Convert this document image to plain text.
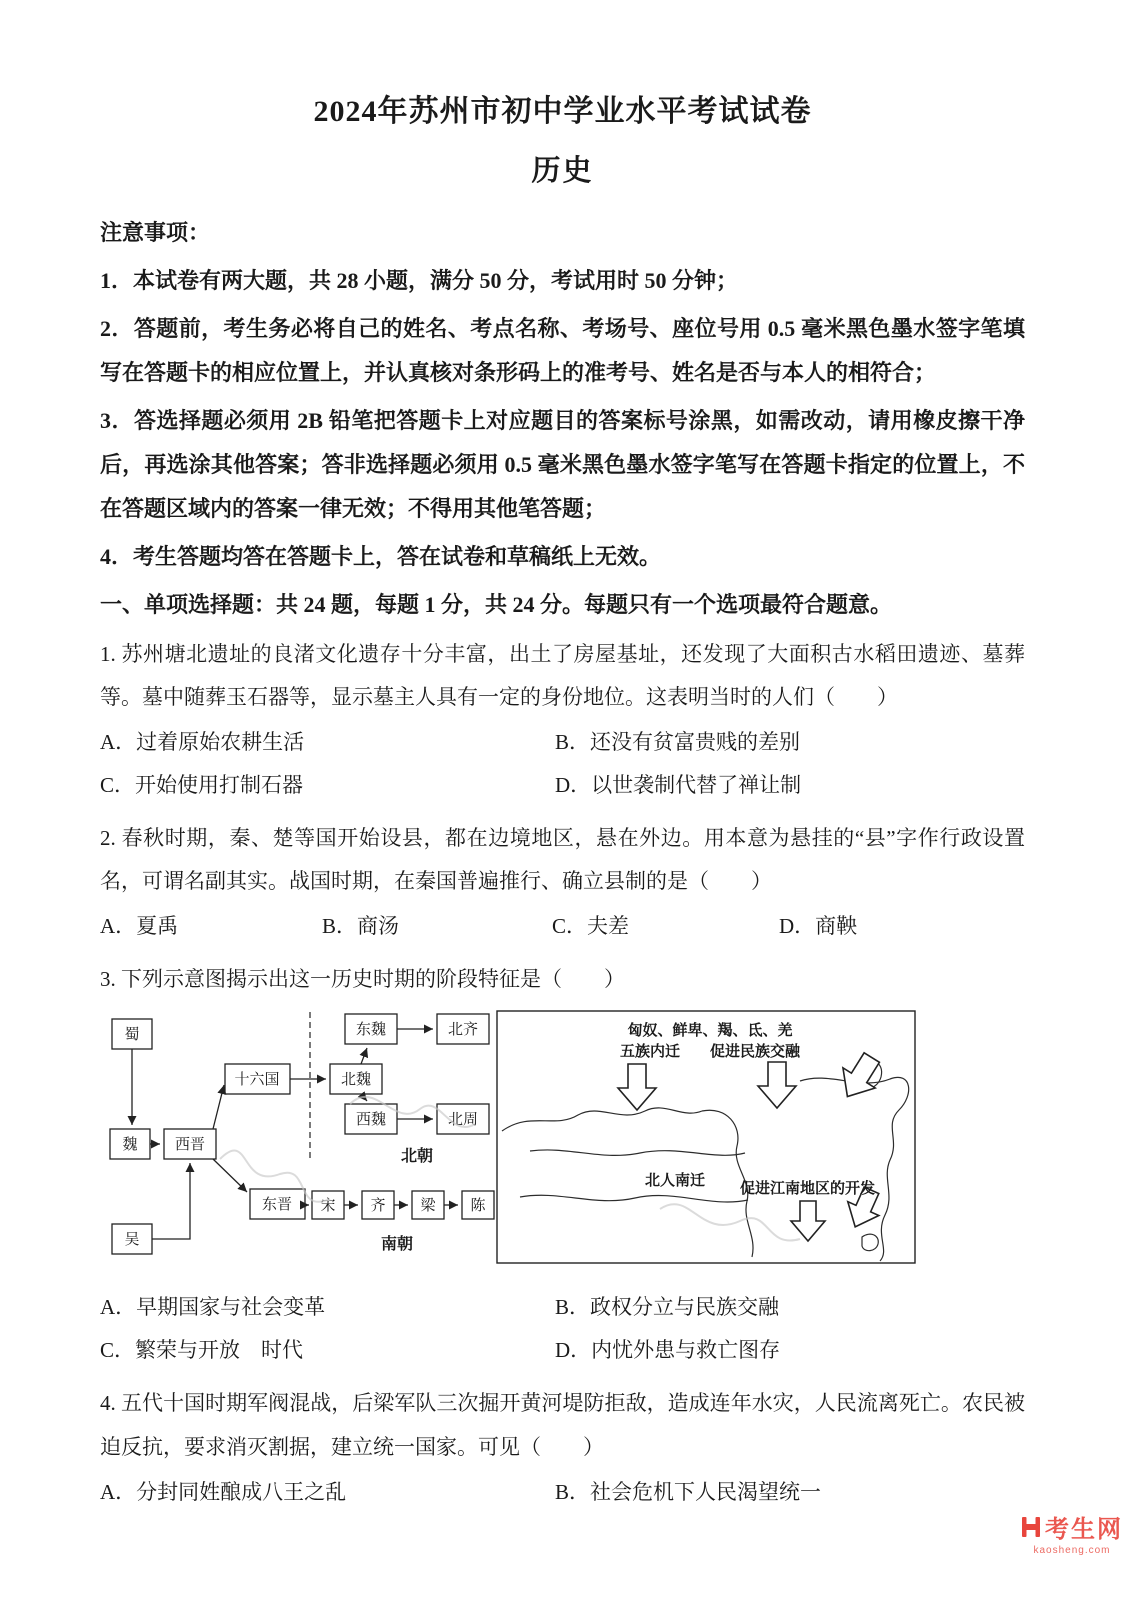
2024年苏州市初中学业水平考试试卷
历史

注意事项：

1．本试卷有两大题，共 28 小题，满分 50 分，考试用时 50 分钟；

2．答题前，考生务必将自己的姓名、考点名称、考场号、座位号用 0.5 毫米黑色墨水签字笔填写在答题卡的相应位置上，并认真核对条形码上的准考号、姓名是否与本人的相符合；

3．答选择题必须用 2B 铅笔把答题卡上对应题目的答案标号涂黑，如需改动，请用橡皮擦干净后，再选涂其他答案；答非选择题必须用 0.5 毫米黑色墨水签字笔写在答题卡指定的位置上，不在答题区域内的答案一律无效；不得用其他笔答题；

4．考生答题均答在答题卡上，答在试卷和草稿纸上无效。

一、单项选择题：共 24 题，每题 1 分，共 24 分。每题只有一个选项最符合题意。

1. 苏州塘北遗址的良渚文化遗存十分丰富，出土了房屋基址，还发现了大面积古水稻田遗迹、墓葬等。墓中随葬玉石器等，显示墓主人具有一定的身份地位。这表明当时的人们（　　）

A．过着原始农耕生活	B．还没有贫富贵贱的差别
C．开始使用打制石器	D．以世袭制代替了禅让制

2. 春秋时期，秦、楚等国开始设县，都在边境地区，悬在外边。用本意为悬挂的“县”字作行政设置名，可谓名副其实。战国时期，在秦国普遍推行、确立县制的是（　　）

A．夏禹	B．商汤	C．夫差	D．商鞅

3. 下列示意图揭示出这一历史时期的阶段特征是（　　）

蜀
魏
吴
西晋
十六国	北魏
东魏	北齐
西魏	北周
北朝
东晋 宋 齐 梁 陈
南朝
匈奴、鲜卑、羯、氐、羌
五族内迁　　促进民族交融
北人南迁 促进江南地区的开发
A．早期国家与社会变革	B．政权分立与民族交融
C．繁荣与开放　时代	D．内忧外患与救亡图存

4. 五代十国时期军阀混战，后梁军队三次掘开黄河堤防拒敌，造成连年水灾，人民流离死亡。农民被迫反抗，要求消灭割据，建立统一国家。可见（　　）

A．分封同姓酿成八王之乱	B．社会危机下人民渴望统一
考生网
kaosheng.com
